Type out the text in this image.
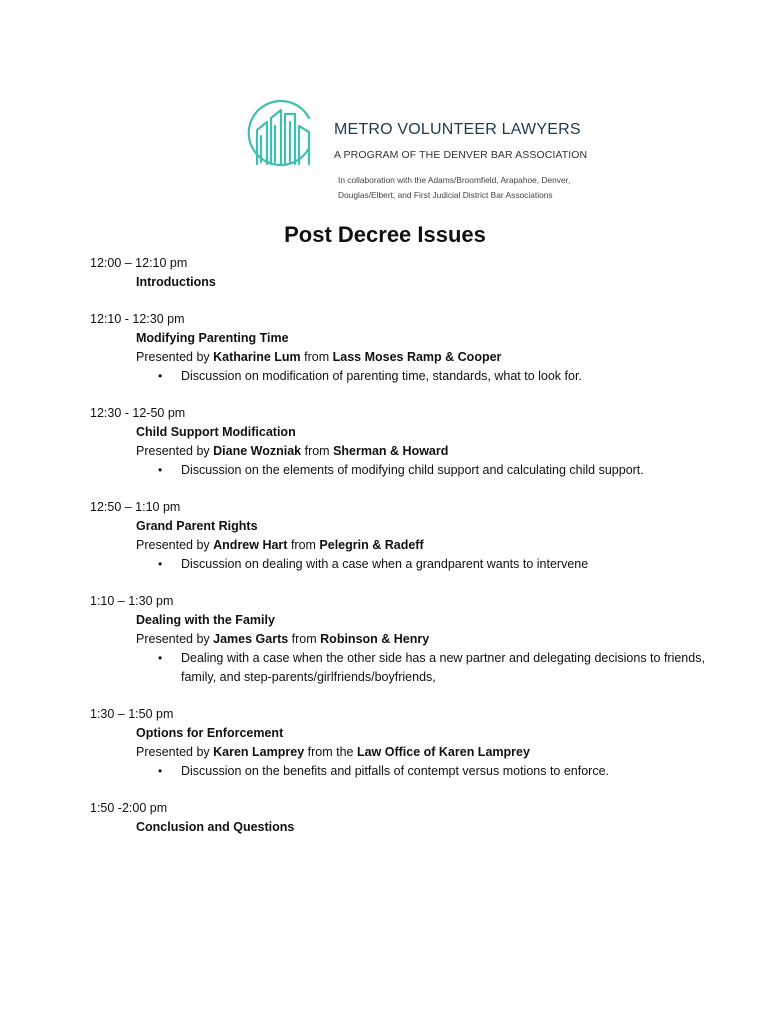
METRO VOLUNTEER LAWYERS
A PROGRAM OF THE DENVER BAR ASSOCIATION
In collaboration with the Adams/Broomfield, Arapahoe, Denver,
Douglas/Elbert, and First Judicial District Bar Associations
Post Decree Issues
12:00 – 12:10 pm
Introductions
12:10 - 12:30 pm
Modifying Parenting Time
Presented by Katharine Lum from Lass Moses Ramp & Cooper
• Discussion on modification of parenting time, standards, what to look for.
12:30 - 12-50 pm
Child Support Modification
Presented by Diane Wozniak from Sherman & Howard
• Discussion on the elements of modifying child support and calculating child support.
12:50 – 1:10 pm
Grand Parent Rights
Presented by Andrew Hart from Pelegrin & Radeff
• Discussion on dealing with a case when a grandparent wants to intervene
1:10 – 1:30 pm
Dealing with the Family
Presented by James Garts from Robinson & Henry
• Dealing with a case when the other side has a new partner and delegating decisions to friends, family, and step-parents/girlfriends/boyfriends,
1:30 – 1:50 pm
Options for Enforcement
Presented by Karen Lamprey from the Law Office of Karen Lamprey
• Discussion on the benefits and pitfalls of contempt versus motions to enforce.
1:50 -2:00 pm
Conclusion and Questions
